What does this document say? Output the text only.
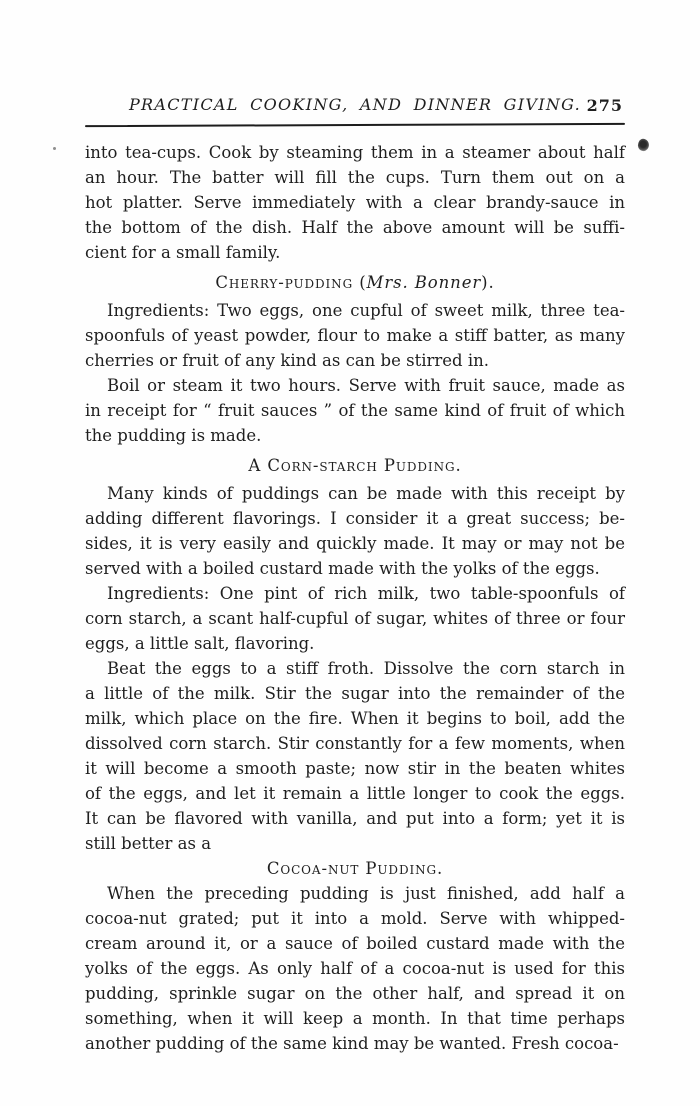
PRACTICAL COOKING, AND DINNER GIVING. 275
into tea-cups. Cook by steaming them in a steamer about half
an hour. The batter will fill the cups. Turn them out on a
hot platter. Serve immediately with a clear brandy-sauce in
the bottom of the dish. Half the above amount will be suffi-
cient for a small family.
Cherry-pudding (Mrs. Bonner).
Ingredients: Two eggs, one cupful of sweet milk, three tea-
spoonfuls of yeast powder, flour to make a stiff batter, as many
cherries or fruit of any kind as can be stirred in.
Boil or steam it two hours. Serve with fruit sauce, made as
in receipt for “ fruit sauces ” of the same kind of fruit of which
the pudding is made.
A Corn-starch Pudding.
Many kinds of puddings can be made with this receipt by
adding different flavorings. I consider it a great success; be-
sides, it is very easily and quickly made. It may or may not be
served with a boiled custard made with the yolks of the eggs.
Ingredients: One pint of rich milk, two table-spoonfuls of
corn starch, a scant half-cupful of sugar, whites of three or four
eggs, a little salt, flavoring.
Beat the eggs to a stiff froth. Dissolve the corn starch in
a little of the milk. Stir the sugar into the remainder of the
milk, which place on the fire. When it begins to boil, add the
dissolved corn starch. Stir constantly for a few moments, when
it will become a smooth paste; now stir in the beaten whites
of the eggs, and let it remain a little longer to cook the eggs.
It can be flavored with vanilla, and put into a form; yet it is
still better as a
Cocoa-nut Pudding.
When the preceding pudding is just finished, add half a
cocoa-nut grated; put it into a mold. Serve with whipped-
cream around it, or a sauce of boiled custard made with the
yolks of the eggs. As only half of a cocoa-nut is used for this
pudding, sprinkle sugar on the other half, and spread it on
something, when it will keep a month. In that time perhaps
another pudding of the same kind may be wanted. Fresh cocoa-
